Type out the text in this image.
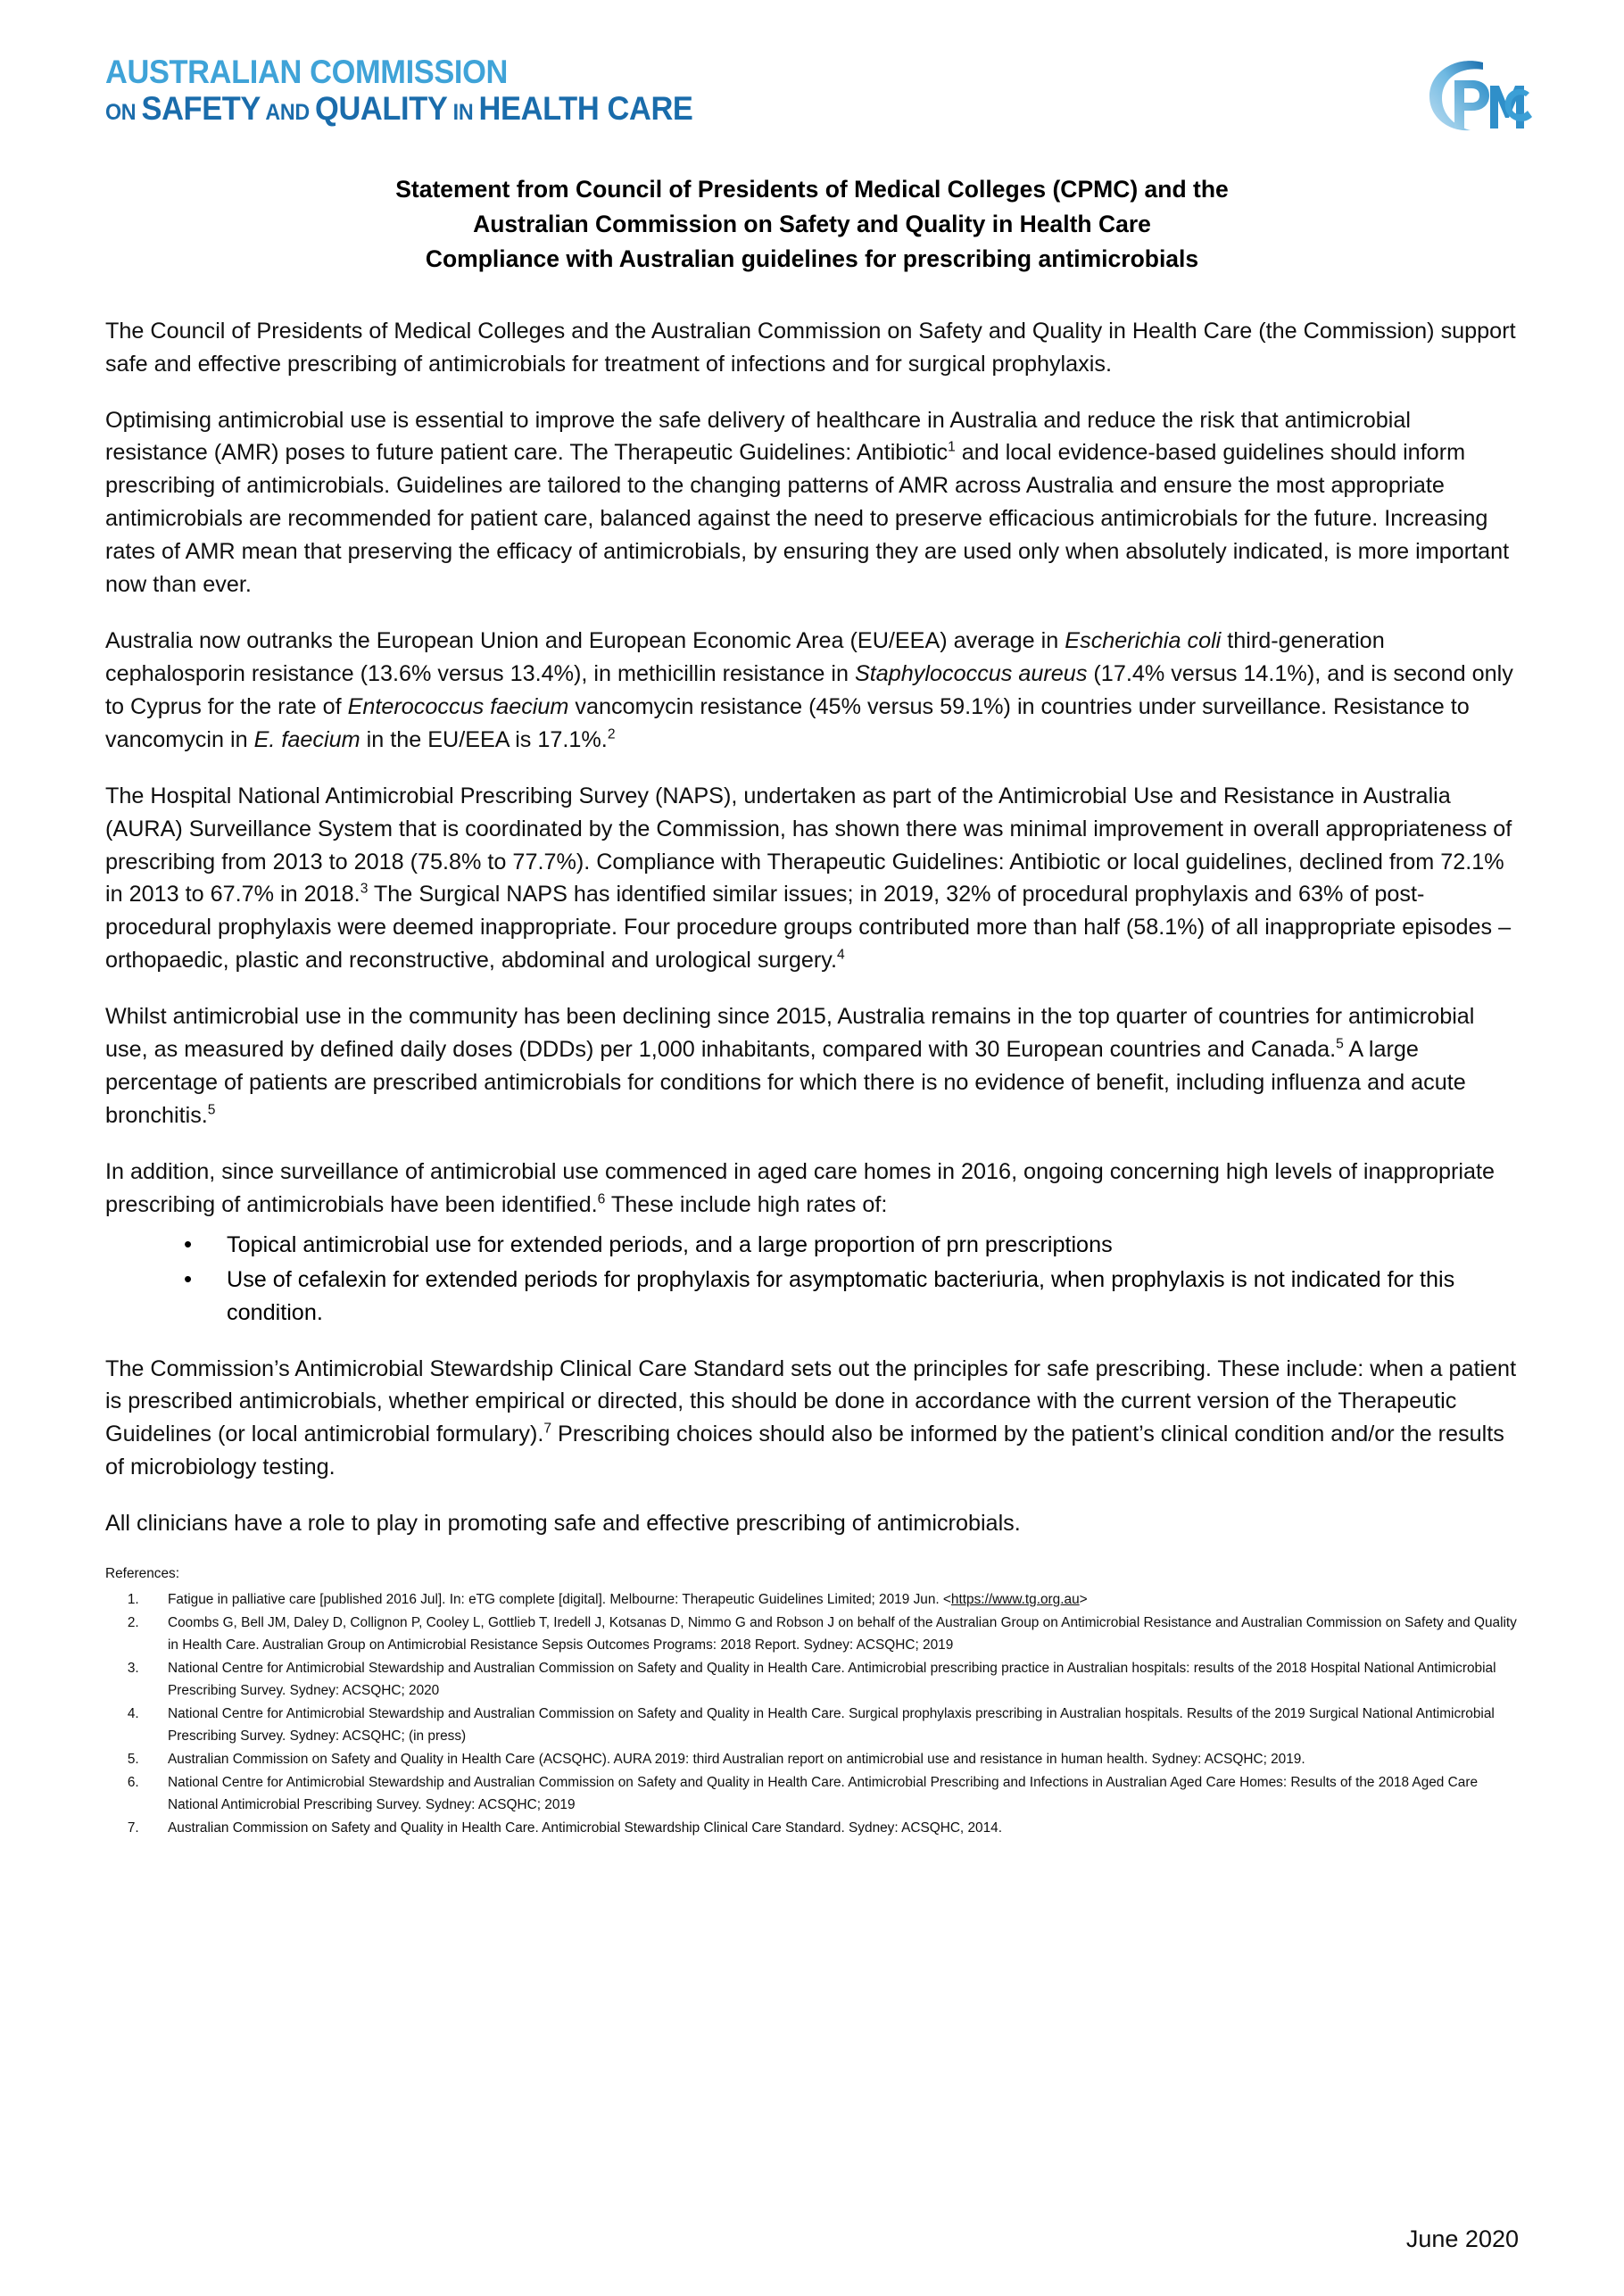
AUSTRALIAN COMMISSION
ON SAFETY AND QUALITY IN HEALTH CARE
Statement from Council of Presidents of Medical Colleges (CPMC) and the
Australian Commission on Safety and Quality in Health Care
Compliance with Australian guidelines for prescribing antimicrobials

The Council of Presidents of Medical Colleges and the Australian Commission on Safety and Quality in Health Care (the Commission) support safe and effective prescribing of antimicrobials for treatment of infections and for surgical prophylaxis.

Optimising antimicrobial use is essential to improve the safe delivery of healthcare in Australia and reduce the risk that antimicrobial resistance (AMR) poses to future patient care. The Therapeutic Guidelines: Antibiotic$^1$ and local evidence-based guidelines should inform prescribing of antimicrobials. Guidelines are tailored to the changing patterns of AMR across Australia and ensure the most appropriate antimicrobials are recommended for patient care, balanced against the need to preserve efficacious antimicrobials for the future. Increasing rates of AMR mean that preserving the efficacy of antimicrobials, by ensuring they are used only when absolutely indicated, is more important now than ever.

Australia now outranks the European Union and European Economic Area (EU/EEA) average in Escherichia coli third-generation cephalosporin resistance (13.6% versus 13.4%), in methicillin resistance in Staphylococcus aureus (17.4% versus 14.1%), and is second only to Cyprus for the rate of Enterococcus faecium vancomycin resistance (45% versus 59.1%) in countries under surveillance. Resistance to vancomycin in E. faecium in the EU/EEA is 17.1%.$^2$

The Hospital National Antimicrobial Prescribing Survey (NAPS), undertaken as part of the Antimicrobial Use and Resistance in Australia (AURA) Surveillance System that is coordinated by the Commission, has shown there was minimal improvement in overall appropriateness of prescribing from 2013 to 2018 (75.8% to 77.7%). Compliance with Therapeutic Guidelines: Antibiotic or local guidelines, declined from 72.1% in 2013 to 67.7% in 2018.$^3$ The Surgical NAPS has identified similar issues; in 2019, 32% of procedural prophylaxis and 63% of post-procedural prophylaxis were deemed inappropriate. Four procedure groups contributed more than half (58.1%) of all inappropriate episodes – orthopaedic, plastic and reconstructive, abdominal and urological surgery.$^4$

Whilst antimicrobial use in the community has been declining since 2015, Australia remains in the top quarter of countries for antimicrobial use, as measured by defined daily doses (DDDs) per 1,000 inhabitants, compared with 30 European countries and Canada.$^5$ A large percentage of patients are prescribed antimicrobials for conditions for which there is no evidence of benefit, including influenza and acute bronchitis.$^5$

In addition, since surveillance of antimicrobial use commenced in aged care homes in 2016, ongoing concerning high levels of inappropriate prescribing of antimicrobials have been identified.$^6$ These include high rates of:

• Topical antimicrobial use for extended periods, and a large proportion of prn prescriptions
• Use of cefalexin for extended periods for prophylaxis for asymptomatic bacteriuria, when prophylaxis is not indicated for this condition.

The Commission’s Antimicrobial Stewardship Clinical Care Standard sets out the principles for safe prescribing. These include: when a patient is prescribed antimicrobials, whether empirical or directed, this should be done in accordance with the current version of the Therapeutic Guidelines (or local antimicrobial formulary).$^7$ Prescribing choices should also be informed by the patient’s clinical condition and/or the results of microbiology testing.

All clinicians have a role to play in promoting safe and effective prescribing of antimicrobials.

References:
1. Fatigue in palliative care [published 2016 Jul]. In: eTG complete [digital]. Melbourne: Therapeutic Guidelines Limited; 2019 Jun. <https://www.tg.org.au>
2. Coombs G, Bell JM, Daley D, Collignon P, Cooley L, Gottlieb T, Iredell J, Kotsanas D, Nimmo G and Robson J on behalf of the Australian Group on Antimicrobial Resistance and Australian Commission on Safety and Quality in Health Care. Australian Group on Antimicrobial Resistance Sepsis Outcomes Programs: 2018 Report. Sydney: ACSQHC; 2019
3. National Centre for Antimicrobial Stewardship and Australian Commission on Safety and Quality in Health Care. Antimicrobial prescribing practice in Australian hospitals: results of the 2018 Hospital National Antimicrobial Prescribing Survey. Sydney: ACSQHC; 2020
4. National Centre for Antimicrobial Stewardship and Australian Commission on Safety and Quality in Health Care. Surgical prophylaxis prescribing in Australian hospitals. Results of the 2019 Surgical National Antimicrobial Prescribing Survey. Sydney: ACSQHC; (in press)
5. Australian Commission on Safety and Quality in Health Care (ACSQHC). AURA 2019: third Australian report on antimicrobial use and resistance in human health. Sydney: ACSQHC; 2019.
6. National Centre for Antimicrobial Stewardship and Australian Commission on Safety and Quality in Health Care. Antimicrobial Prescribing and Infections in Australian Aged Care Homes: Results of the 2018 Aged Care National Antimicrobial Prescribing Survey. Sydney: ACSQHC; 2019
7. Australian Commission on Safety and Quality in Health Care. Antimicrobial Stewardship Clinical Care Standard. Sydney: ACSQHC, 2014.
June 2020
